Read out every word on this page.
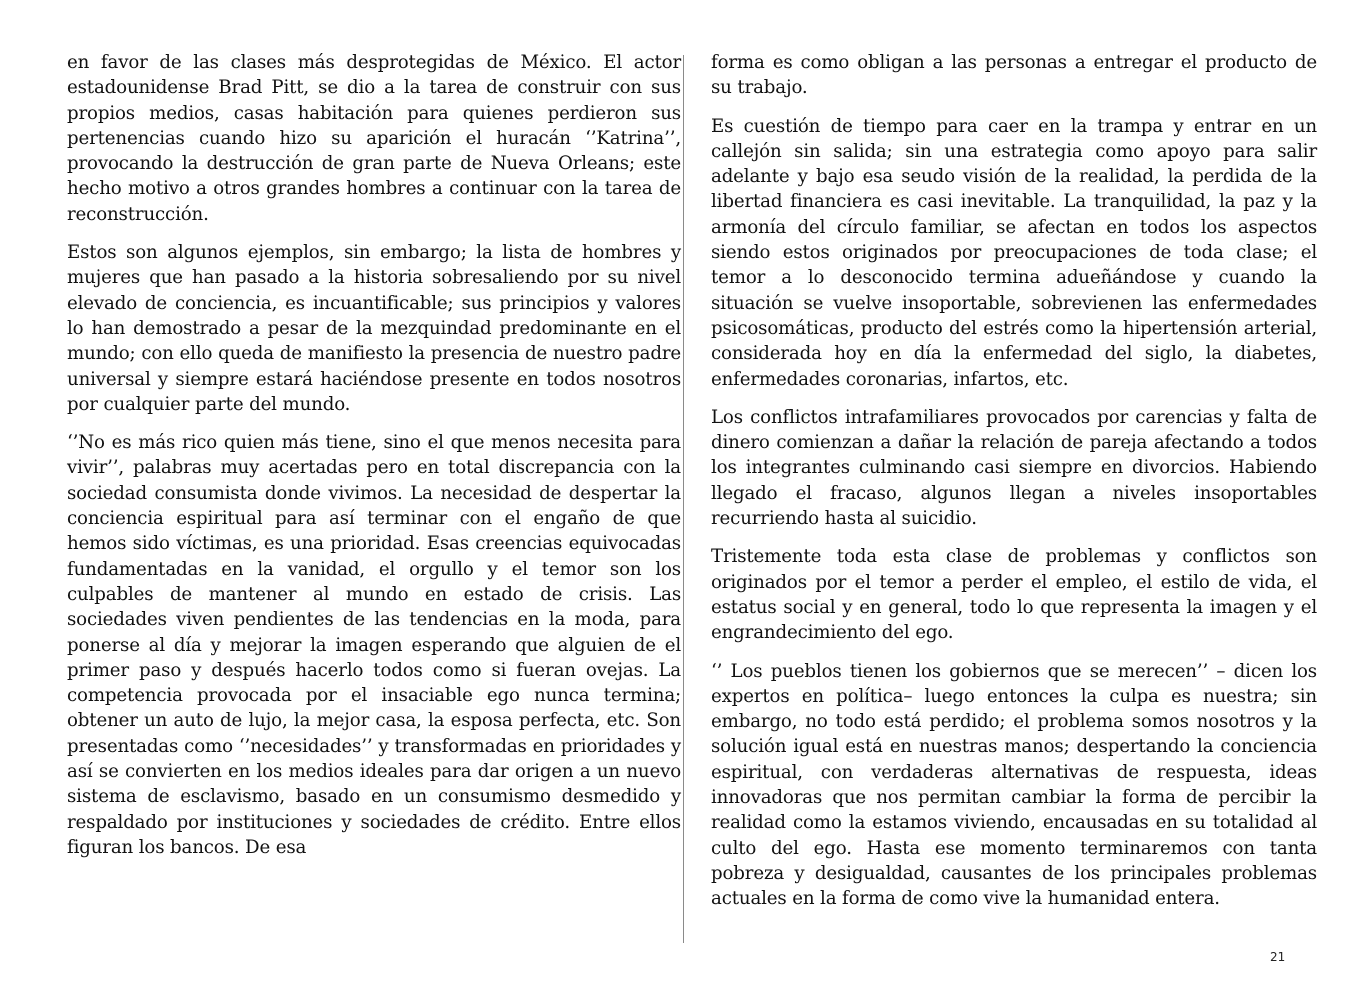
en favor de las clases más desprotegidas de México. El actor estadounidense Brad Pitt, se dio a la tarea de construir con sus propios medios, casas habitación para quienes perdieron sus pertenencias cuando hizo su aparición el huracán ‘’Katrina’’, provocando la destrucción de gran parte de Nueva Orleans; este hecho motivo a otros grandes hombres a continuar con la tarea de reconstrucción.

Estos son algunos ejemplos, sin embargo; la lista de hombres y mujeres que han pasado a la historia sobresaliendo por su nivel elevado de conciencia, es incuantificable; sus principios y valores lo han demostrado a pesar de la mezquindad predominante en el mundo; con ello queda de manifiesto la presencia de nuestro padre universal y siempre estará haciéndose presente en todos nosotros por cualquier parte del mundo.

‘’No es más rico quien más tiene, sino el que menos necesita para vivir’’, palabras muy acertadas pero en total discrepancia con la sociedad consumista donde vivimos. La necesidad de despertar la conciencia espiritual para así terminar con el engaño de que hemos sido víctimas, es una prioridad. Esas creencias equivocadas fundamentadas en la vanidad, el orgullo y el temor son los culpables de mantener al mundo en estado de crisis. Las sociedades viven pendientes de las tendencias en la moda, para ponerse al día y mejorar la imagen esperando que alguien de el primer paso y después hacerlo todos como si fueran ovejas. La competencia provocada por el insaciable ego nunca termina; obtener un auto de lujo, la mejor casa, la esposa perfecta, etc. Son presentadas como ‘’necesidades’’ y transformadas en prioridades y así se convierten en los medios ideales para dar origen a un nuevo sistema de esclavismo, basado en un consumismo desmedido y respaldado por instituciones y sociedades de crédito. Entre ellos figuran los bancos. De esa

forma es como obligan a las personas a entregar el producto de su trabajo.

Es cuestión de tiempo para caer en la trampa y entrar en un callejón sin salida; sin una estrategia como apoyo para salir adelante y bajo esa seudo visión de la realidad, la perdida de la libertad financiera es casi inevitable. La tranquilidad, la paz y la armonía del círculo familiar, se afectan en todos los aspectos siendo estos originados por preocupaciones de toda clase; el temor a lo desconocido termina adueñándose y cuando la situación se vuelve insoportable, sobrevienen las enfermedades psicosomáticas, producto del estrés como la hipertensión arterial, considerada hoy en día la enfermedad del siglo, la diabetes, enfermedades coronarias, infartos, etc.

Los conflictos intrafamiliares provocados por carencias y falta de dinero comienzan a dañar la relación de pareja afectando a todos los integrantes culminando casi siempre en divorcios. Habiendo llegado el fracaso, algunos llegan a niveles insoportables recurriendo hasta al suicidio.

Tristemente toda esta clase de problemas y conflictos son originados por el temor a perder el empleo, el estilo de vida, el estatus social y en general, todo lo que representa la imagen y el engrandecimiento del ego.

‘’ Los pueblos tienen los gobiernos que se merecen’’ – dicen los expertos en política– luego entonces la culpa es nuestra; sin embargo, no todo está perdido; el problema somos nosotros y la solución igual está en nuestras manos; despertando la conciencia espiritual, con verdaderas alternativas de respuesta, ideas innovadoras que nos permitan cambiar la forma de percibir la realidad como la estamos viviendo, encausadas en su totalidad al culto del ego. Hasta ese momento terminaremos con tanta pobreza y desigualdad, causantes de los principales problemas actuales en la forma de como vive la humanidad entera.

21
